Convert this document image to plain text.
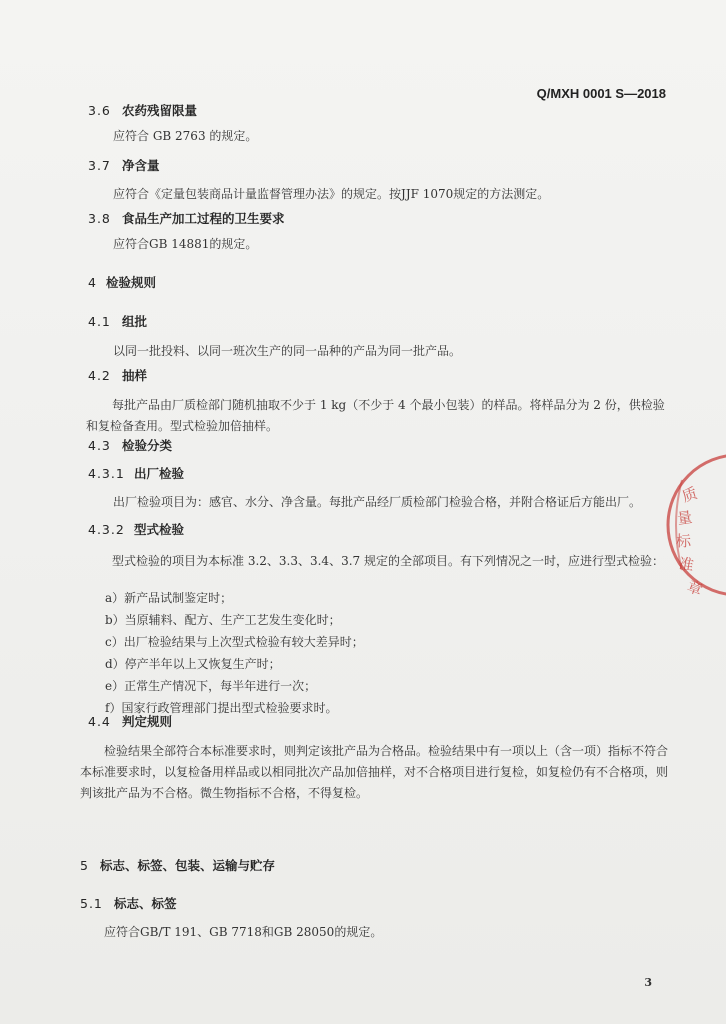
Q/MXH 0001 S—2018
3.6 农药残留限量
应符合 GB 2763 的规定。
3.7 净含量
应符合《定量包装商品计量监督管理办法》的规定。按JJF 1070规定的方法测定。
3.8 食品生产加工过程的卫生要求
应符合GB 14881的规定。
4 检验规则
4.1 组批
以同一批投料、以同一班次生产的同一品种的产品为同一批产品。
4.2 抽样
每批产品由厂质检部门随机抽取不少于 1 kg（不少于 4 个最小包装）的样品。将样品分为 2 份，供检验和复检备查用。型式检验加倍抽样。
4.3 检验分类
4.3.1 出厂检验
出厂检验项目为：感官、水分、净含量。每批产品经厂质检部门检验合格，并附合格证后方能出厂。
4.3.2 型式检验
型式检验的项目为本标准 3.2、3.3、3.4、3.7 规定的全部项目。有下列情况之一时，应进行型式检验：
a）新产品试制鉴定时；
b）当原辅料、配方、生产工艺发生变化时；
c）出厂检验结果与上次型式检验有较大差异时；
d）停产半年以上又恢复生产时；
e）正常生产情况下，每半年进行一次；
f）国家行政管理部门提出型式检验要求时。
4.4 判定规则
检验结果全部符合本标准要求时，则判定该批产品为合格品。检验结果中有一项以上（含一项）指标不符合本标准要求时，以复检备用样品或以相同批次产品加倍抽样，对不合格项目进行复检，如复检仍有不合格项，则判该批产品为不合格。微生物指标不合格，不得复检。
5 标志、标签、包装、运输与贮存
5.1 标志、标签
应符合GB/T 191、GB 7718和GB 28050的规定。
3
质
量
标
准
章
